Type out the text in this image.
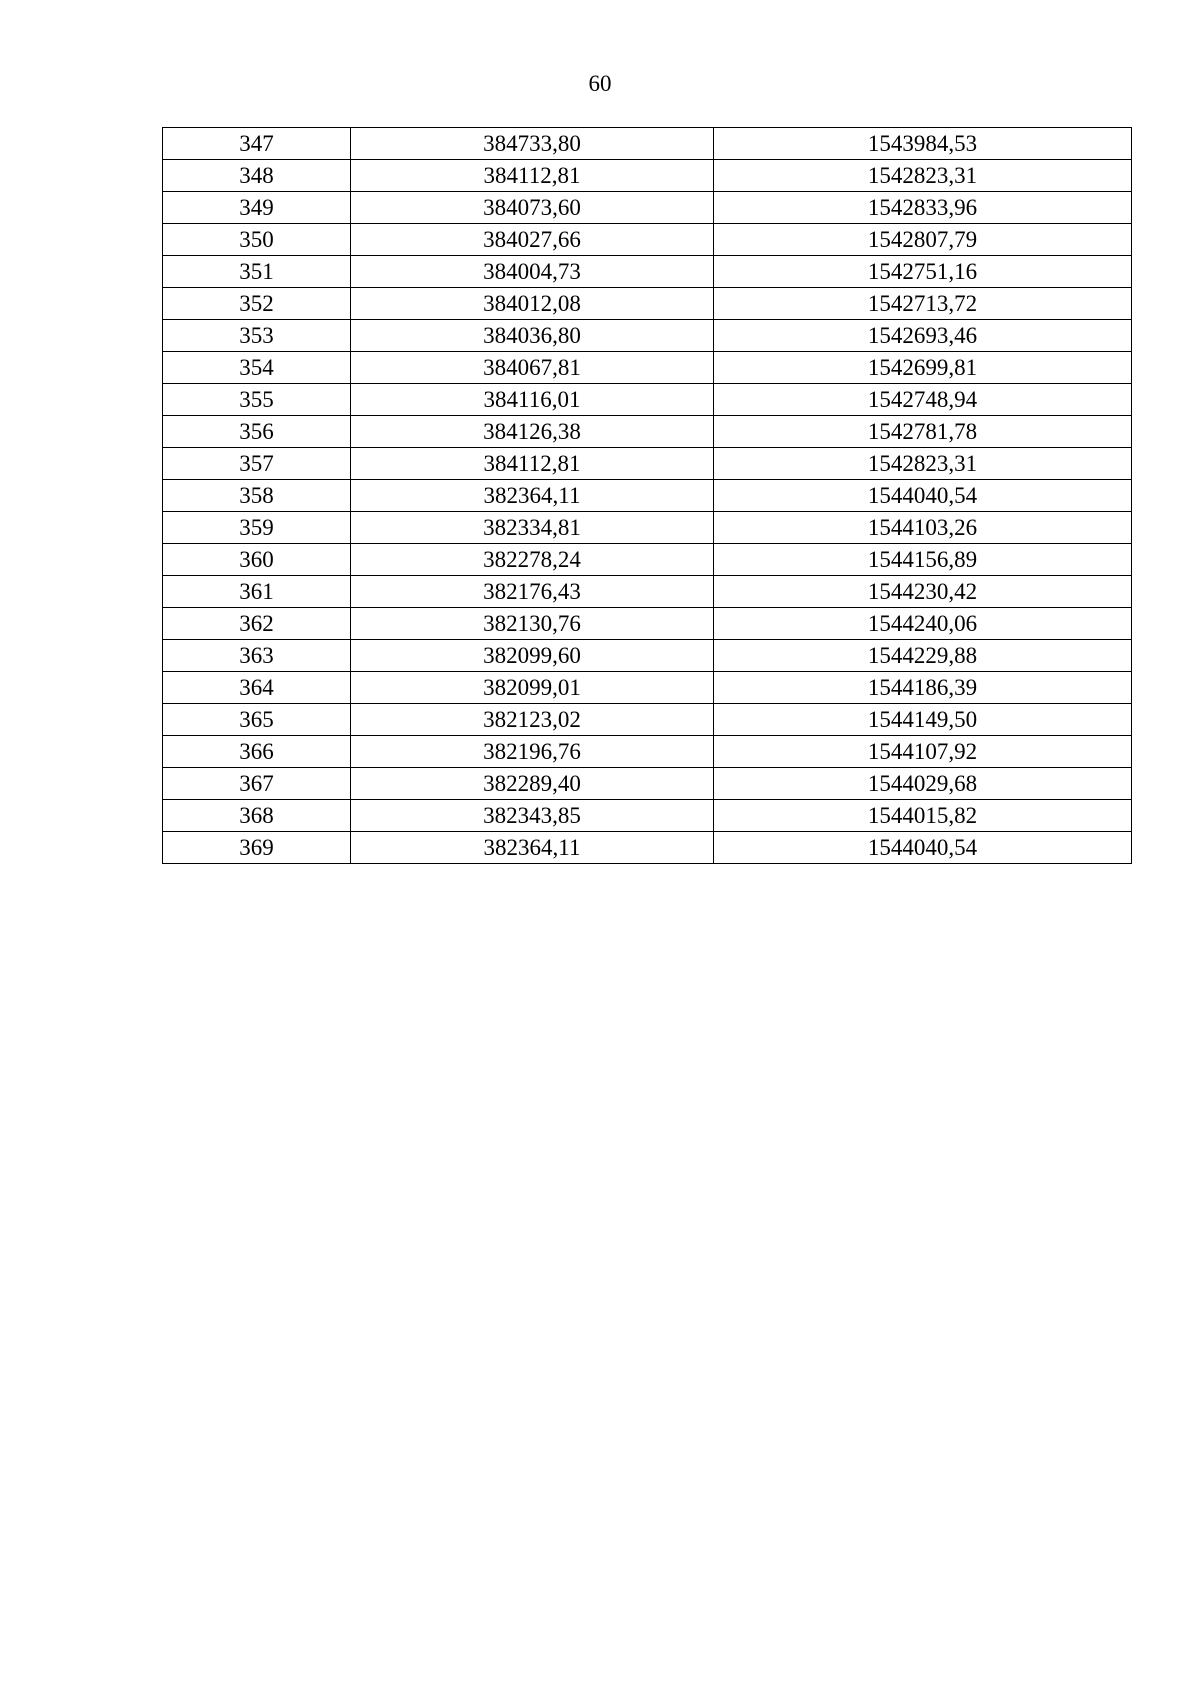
60
347	384733,80	1543984,53
348	384112,81	1542823,31
349	384073,60	1542833,96
350	384027,66	1542807,79
351	384004,73	1542751,16
352	384012,08	1542713,72
353	384036,80	1542693,46
354	384067,81	1542699,81
355	384116,01	1542748,94
356	384126,38	1542781,78
357	384112,81	1542823,31
358	382364,11	1544040,54
359	382334,81	1544103,26
360	382278,24	1544156,89
361	382176,43	1544230,42
362	382130,76	1544240,06
363	382099,60	1544229,88
364	382099,01	1544186,39
365	382123,02	1544149,50
366	382196,76	1544107,92
367	382289,40	1544029,68
368	382343,85	1544015,82
369	382364,11	1544040,54
